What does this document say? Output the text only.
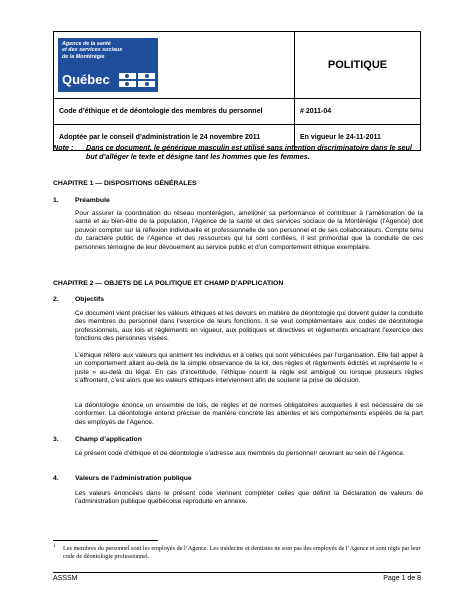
Agence de la santé
et des services sociaux
de la Montérégie
Québec	POLITIQUE
Code d’éthique et de déontologie des membres du personnel	# 2011-04
Adoptée par le conseil d’administration le 24 novembre 2011	En vigueur le 24-11-2011
Note :	Dans ce document, le générique masculin est utilisé sans intention discriminatoire dans le seul but d’alléger le texte et désigne tant les hommes que les femmes.
CHAPITRE 1 — DISPOSITIONS GÉNÉRALES
1. Préambule
Pour assurer la coordination du réseau montérégien, améliorer sa performance et contribuer à l’amélioration de la santé et au bien-être de la population, l’Agence de la santé et des services sociaux de la Montérégie (l’Agence) doit pouvoir compter sur la réflexion individuelle et professionnelle de son personnel et de ses collaborateurs. Compte tenu du caractère public de l’Agence et des ressources qui lui sont confiées, il est primordial que la conduite de ces personnes témoigne de leur dévouement au service public et d’un comportement éthique exemplaire.
CHAPITRE 2 — OBJETS DE LA POLITIQUE ET CHAMP D’APPLICATION
2. Objectifs
Ce document vient préciser les valeurs éthiques et les devoirs en matière de déontologie qui doivent guider la conduite des membres du personnel dans l’exercice de leurs fonctions. Il se veut complémentaire aux codes de déontologie professionnels, aux lois et règlements en vigueur, aux politiques et directives et règlements encadrant l’exercice des fonctions des personnes visées.
L’éthique réfère aux valeurs qui animent les individus et à celles qui sont véhiculées par l’organisation. Elle fait appel à un comportement allant au-delà de la simple observance de la loi, des règles et règlements édictés et représente le « juste » au-delà du légal. En cas d’incertitude, l’éthique nourrit la règle est ambiguë ou lorsque plusieurs règles s’affrontent, c’est alors que les valeurs éthiques interviennent afin de soutenir la prise de décision.
La déontologie énonce un ensemble de lois, de règles et de normes obligatoires auxquelles il est nécessaire de se conformer. La déontologie entend préciser de manière concrète les attentes et les comportements espérés de la part des employés de l’Agence.
3. Champ d’application
Le présent code d’éthique et de déontologie s’adresse aux membres du personnel¹ œuvrant au sein de l’Agence.
4. Valeurs de l’administration publique
Les valeurs énoncées dans le présent code viennent compléter celles que définit la Déclaration de valeurs de l’administration publique québécoise reproduite en annexe.
1 Les membres du personnel sont les employés de l’Agence. Les médecins et dentistes ne sont pas des employés de l’Agence et sont régis par leur code de déontologie professionnel.
ASSSM	Page 1 de 8
